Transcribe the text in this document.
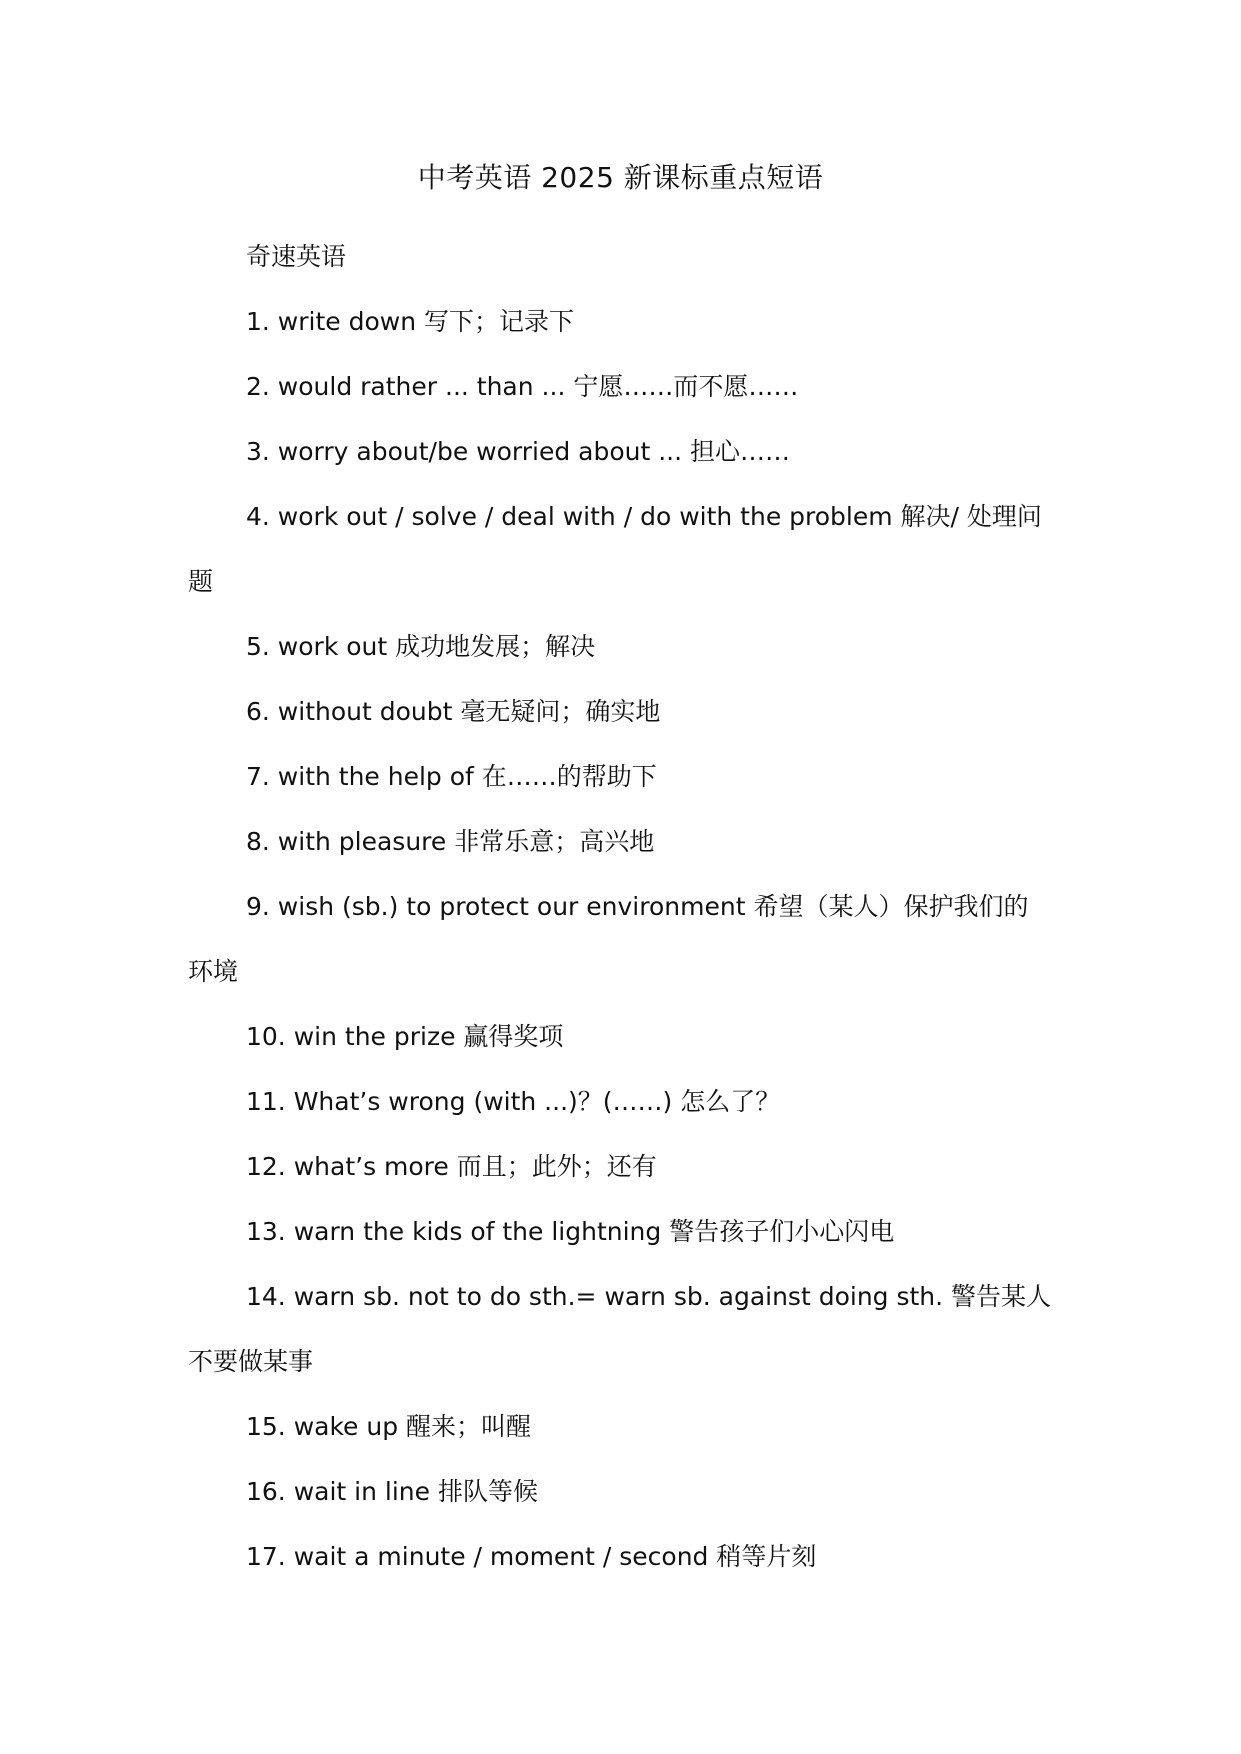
中考英语 2025 新课标重点短语
奇速英语
1. write down 写下；记录下
2. would rather ... than ... 宁愿……而不愿……
3. worry about/be worried about ... 担心……
4. work out / solve / deal with / do with the problem 解决/ 处理问
题
5. work out 成功地发展；解决
6. without doubt 毫无疑问；确实地
7. with the help of 在……的帮助下
8. with pleasure 非常乐意；高兴地
9. wish (sb.) to protect our environment 希望（某人）保护我们的
环境
10. win the prize 赢得奖项
11. What’s wrong (with ...)？(……) 怎么了？
12. what’s more 而且；此外；还有
13. warn the kids of the lightning 警告孩子们小心闪电
14. warn sb. not to do sth.= warn sb. against doing sth. 警告某人
不要做某事
15. wake up 醒来；叫醒
16. wait in line 排队等候
17. wait a minute / moment / second 稍等片刻
